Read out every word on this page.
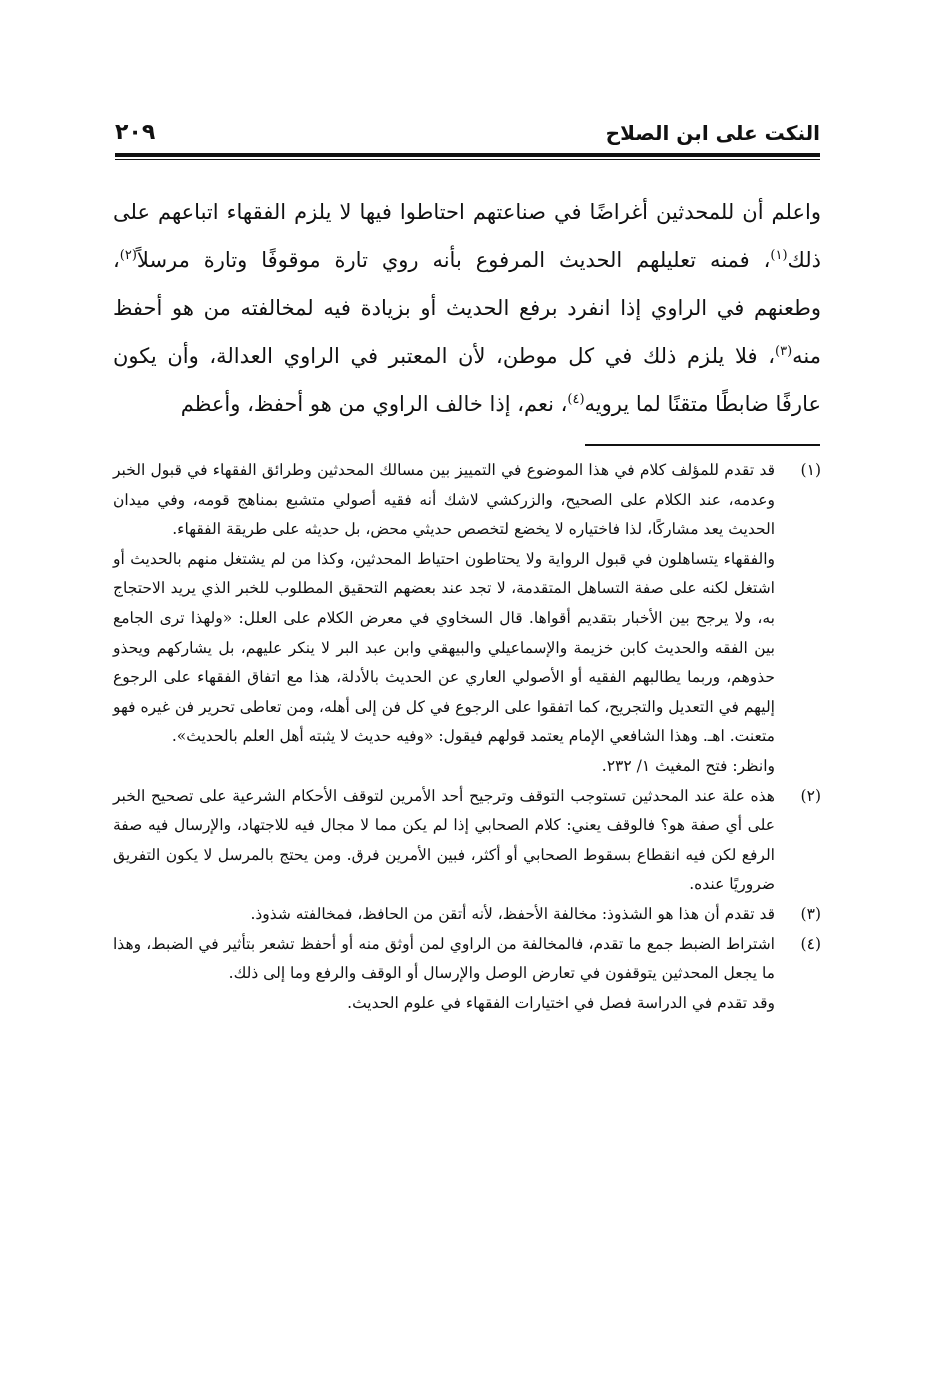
النكت على ابن الصلاح
٢٠٩

واعلم أن للمحدثين أغراضًا في صناعتهم احتاطوا فيها لا يلزم الفقهاء اتباعهم على ذلك$^{(١)}$، فمنه تعليلهم الحديث المرفوع بأنه روي تارة موقوفًا وتارة مرسلاً$^{(٢)}$، وطعنهم في الراوي إذا انفرد برفع الحديث أو بزيادة فيه لمخالفته من هو أحفظ منه$^{(٣)}$، فلا يلزم ذلك في كل موطن، لأن المعتبر في الراوي العدالة، وأن يكون عارفًا ضابطًا متقنًا لما يرويه$^{(٤)}$، نعم، إذا خالف الراوي من هو أحفظ، وأعظم

(١)
قد تقدم للمؤلف كلام في هذا الموضوع في التمييز بين مسالك المحدثين وطرائق الفقهاء في قبول الخبر وعدمه، عند الكلام على الصحيح، والزركشي لاشك أنه فقيه أصولي متشبع بمناهج قومه، وفي ميدان الحديث يعد مشاركًا، لذا فاختياره لا يخضع لتخصص حديثي محض، بل حديثه على طريقة الفقهاء.
والفقهاء يتساهلون في قبول الرواية ولا يحتاطون احتياط المحدثين، وكذا من لم يشتغل منهم بالحديث أو اشتغل لكنه على صفة التساهل المتقدمة، لا تجد عند بعضهم التحقيق المطلوب للخبر الذي يريد الاحتجاج به، ولا يرجح بين الأخبار بتقديم أقواها. قال السخاوي في معرض الكلام على العلل: «ولهذا ترى الجامع بين الفقه والحديث كابن خزيمة والإسماعيلي والبيهقي وابن عبد البر لا ينكر عليهم، بل يشاركهم ويحذو حذوهم، وربما يطالبهم الفقيه أو الأصولي العاري عن الحديث بالأدلة، هذا مع اتفاق الفقهاء على الرجوع إليهم في التعديل والتجريح، كما اتفقوا على الرجوع في كل فن إلى أهله، ومن تعاطى تحرير فن غيره فهو متعنت. اهـ. وهذا الشافعي الإمام يعتمد قولهم فيقول: «وفيه حديث لا يثبته أهل العلم بالحديث».
وانظر: فتح المغيث ١/ ٢٣٢.
(٢)
هذه علة عند المحدثين تستوجب التوقف وترجيح أحد الأمرين لتوقف الأحكام الشرعية على تصحيح الخبر على أي صفة هو؟ فالوقف يعني: كلام الصحابي إذا لم يكن مما لا مجال فيه للاجتهاد، والإرسال فيه صفة الرفع لكن فيه انقطاع بسقوط الصحابي أو أكثر، فبين الأمرين فرق. ومن يحتج بالمرسل لا يكون التفريق ضروريًا عنده.
(٣)
قد تقدم أن هذا هو الشذوذ: مخالفة الأحفظ، لأنه أتقن من الحافظ، فمخالفته شذوذ.
(٤)
اشتراط الضبط جمع ما تقدم، فالمخالفة من الراوي لمن أوثق منه أو أحفظ تشعر بتأثير في الضبط، وهذا ما يجعل المحدثين يتوقفون في تعارض الوصل والإرسال أو الوقف والرفع وما إلى ذلك.
وقد تقدم في الدراسة فصل في اختيارات الفقهاء في علوم الحديث.
